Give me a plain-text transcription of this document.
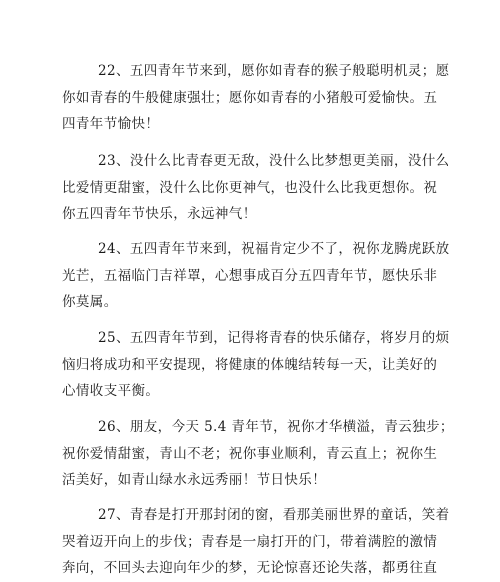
22、五四青年节来到，愿你如青春的猴子般聪明机灵；愿
你如青春的牛般健康强壮；愿你如青春的小猪般可爱愉快。五
四青年节愉快！
23、没什么比青春更无敌，没什么比梦想更美丽，没什么
比爱情更甜蜜，没什么比你更神气，也没什么比我更想你。祝
你五四青年节快乐，永远神气！
24、五四青年节来到，祝福肯定少不了，祝你龙腾虎跃放
光芒，五福临门吉祥罩，心想事成百分五四青年节，愿快乐非
你莫属。
25、五四青年节到，记得将青春的快乐储存，将岁月的烦
恼归将成功和平安提现，将健康的体魄结转每一天，让美好的
心情收支平衡。
26、朋友，今天 5.4 青年节，祝你才华横溢，青云独步；
祝你爱情甜蜜，青山不老；祝你事业顺利，青云直上；祝你生
活美好，如青山绿水永远秀丽！节日快乐！
27、青春是打开那封闭的窗，看那美丽世界的童话，笑着
哭着迈开向上的步伐；青春是一扇打开的门，带着满腔的激情
奔向，不回头去迎向年少的梦，无论惊喜还论失落，都勇往直
